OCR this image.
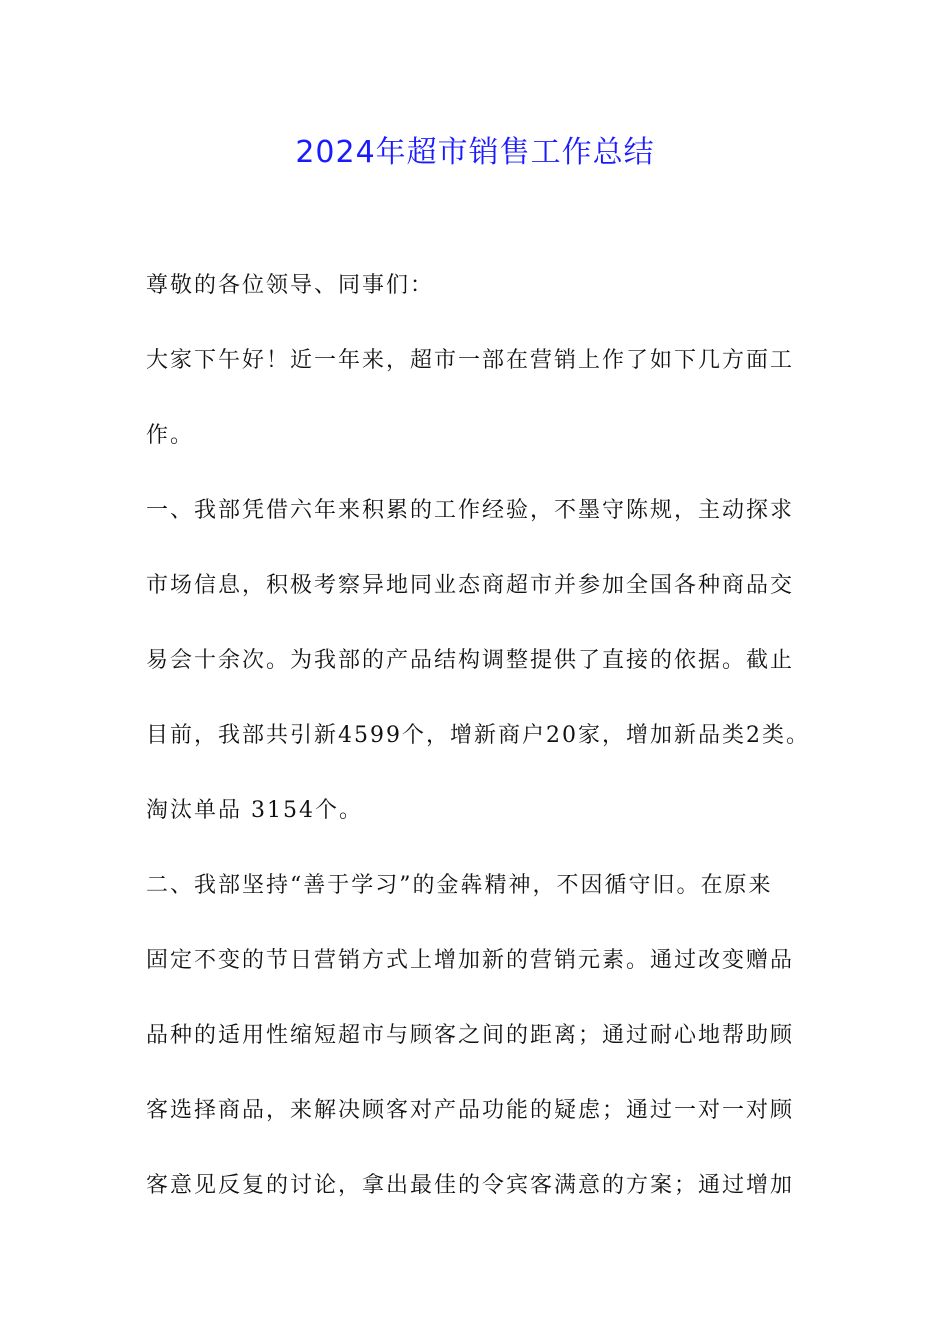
2024年超市销售工作总结
尊敬的各位领导、同事们：
大家下午好！近一年来，超市一部在营销上作了如下几方面工
作。
一、我部凭借六年来积累的工作经验，不墨守陈规，主动探求
市场信息，积极考察异地同业态商超市并参加全国各种商品交
易会十余次。为我部的产品结构调整提供了直接的依据。截止
目前，我部共引新4599个，增新商户20家，增加新品类2类。
淘汰单品 3154个。
二、我部坚持“善于学习”的金犇精神，不因循守旧。在原来
固定不变的节日营销方式上增加新的营销元素。通过改变赠品
品种的适用性缩短超市与顾客之间的距离；通过耐心地帮助顾
客选择商品，来解决顾客对产品功能的疑虑；通过一对一对顾
客意见反复的讨论，拿出最佳的令宾客满意的方案；通过增加
